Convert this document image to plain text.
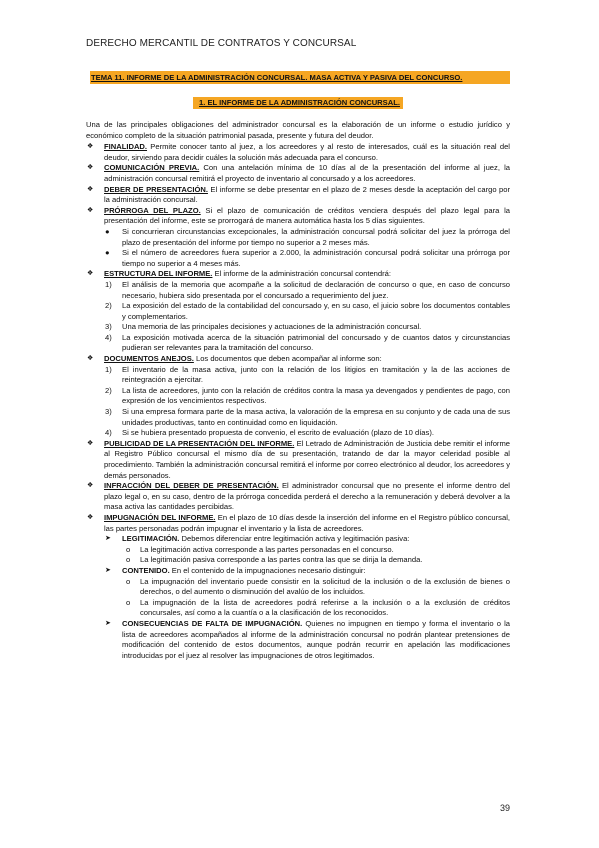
DERECHO MERCANTIL DE CONTRATOS Y CONCURSAL
TEMA 11. INFORME DE LA ADMINISTRACIÓN CONCURSAL. MASA ACTIVA Y PASIVA DEL CONCURSO.
1. EL INFORME DE LA ADMINISTRACIÓN CONCURSAL.

Una de las principales obligaciones del administrador concursal es la elaboración de un informe o estudio jurídico y económico completo de la situación patrimonial pasada, presente y futura del deudor.

❖	FINALIDAD. Permite conocer tanto al juez, a los acreedores y al resto de interesados, cuál es la situación real del deudor, sirviendo para decidir cuáles la solución más adecuada para el concurso.
❖	COMUNICACIÓN PREVIA. Con una antelación mínima de 10 días al de la presentación del informe al juez, la administración concursal remitirá el proyecto de inventario al concursado y a los acreedores.
❖	DEBER DE PRESENTACIÓN. El informe se debe presentar en el plazo de 2 meses desde la aceptación del cargo por la administración concursal.
❖	PRÓRROGA DEL PLAZO. Si el plazo de comunicación de créditos venciera después del plazo legal para la presentación del informe, este se prorrogará de manera automática hasta los 5 días siguientes.
●	Si concurrieran circunstancias excepcionales, la administración concursal podrá solicitar del juez la prórroga del plazo de presentación del informe por tiempo no superior a 2 meses más.
●	Si el número de acreedores fuera superior a 2.000, la administración concursal podrá solicitar una prórroga por tiempo no superior a 4 meses más.
❖	ESTRUCTURA DEL INFORME. El informe de la administración concursal contendrá:
1)	El análisis de la memoria que acompañe a la solicitud de declaración de concurso o que, en caso de concurso necesario, hubiera sido presentada por el concursado a requerimiento del juez.
2)	La exposición del estado de la contabilidad del concursado y, en su caso, el juicio sobre los documentos contables y complementarios.
3)	Una memoria de las principales decisiones y actuaciones de la administración concursal.
4)	La exposición motivada acerca de la situación patrimonial del concursado y de cuantos datos y circunstancias pudieran ser relevantes para la tramitación del concurso.
❖	DOCUMENTOS ANEJOS. Los documentos que deben acompañar al informe son:
1)	El inventario de la masa activa, junto con la relación de los litigios en tramitación y la de las acciones de reintegración a ejercitar.
2)	La lista de acreedores, junto con la relación de créditos contra la masa ya devengados y pendientes de pago, con expresión de los vencimientos respectivos.
3)	Si una empresa formara parte de la masa activa, la valoración de la empresa en su conjunto y de cada una de sus unidades productivas, tanto en continuidad como en liquidación.
4)	Si se hubiera presentado propuesta de convenio, el escrito de evaluación (plazo de 10 días).
❖	PUBLICIDAD DE LA PRESENTACIÓN DEL INFORME. El Letrado de Administración de Justicia debe remitir el informe al Registro Público concursal el mismo día de su presentación, tratando de dar la mayor celeridad posible al procedimiento. También la administración concursal remitirá el informe por correo electrónico al deudor, los acreedores y demás personados.
❖	INFRACCIÓN DEL DEBER DE PRESENTACIÓN. El administrador concursal que no presente el informe dentro del plazo legal o, en su caso, dentro de la prórroga concedida perderá el derecho a la remuneración y deberá devolver a la masa activa las cantidades percibidas.
❖	IMPUGNACIÓN DEL INFORME. En el plazo de 10 días desde la inserción del informe en el Registro público concursal, las partes personadas podrán impugnar el inventario y la lista de acreedores.
➤ LEGITIMACIÓN. Debemos diferenciar entre legitimación activa y legitimación pasiva:
o La legitimación activa corresponde a las partes personadas en el concurso.
o La legitimación pasiva corresponde a las partes contra las que se dirija la demanda.
➤ CONTENIDO. En el contenido de la impugnaciones necesario distinguir:
o La impugnación del inventario puede consistir en la solicitud de la inclusión o de la exclusión de bienes o derechos, o del aumento o disminución del avalúo de los incluidos.
o La impugnación de la lista de acreedores podrá referirse a la inclusión o a la exclusión de créditos concursales, así como a la cuantía o a la clasificación de los reconocidos.
➤ CONSECUENCIAS DE FALTA DE IMPUGNACIÓN. Quienes no impugnen en tiempo y forma el inventario o la lista de acreedores acompañados al informe de la administración concursal no podrán plantear pretensiones de modificación del contenido de estos documentos, aunque podrán recurrir en apelación las modificaciones introducidas por el juez al resolver las impugnaciones de otros legitimados.
39
